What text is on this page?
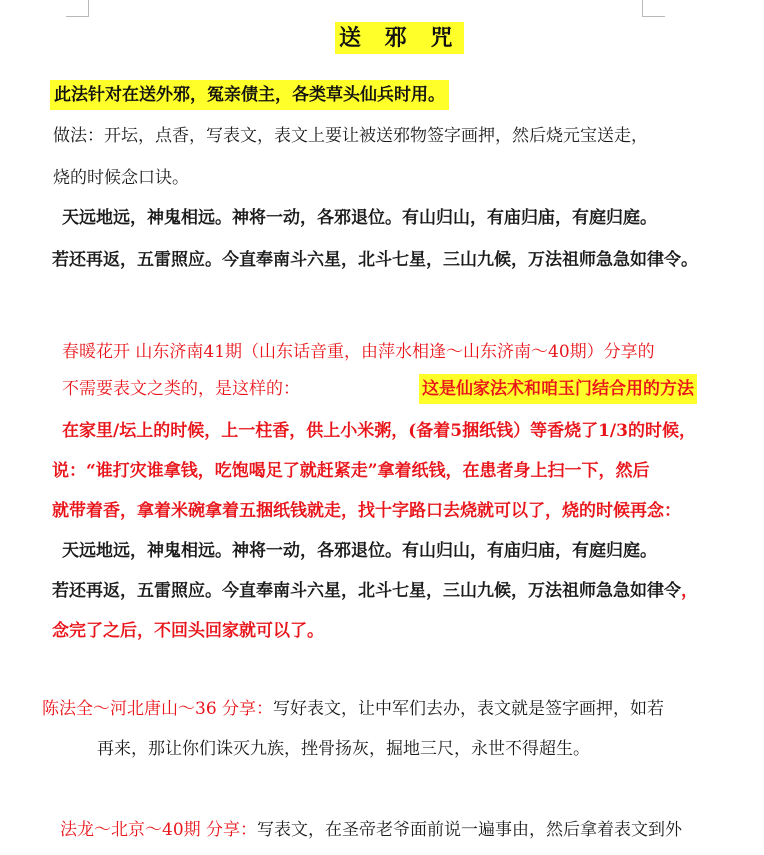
送 邪 咒
此法针对在送外邪，冤亲债主，各类草头仙兵时用。
做法：开坛，点香，写表文，表文上要让被送邪物签字画押，然后烧元宝送走，
烧的时候念口诀。
天远地远，神鬼相远。神将一动，各邪退位。有山归山，有庙归庙，有庭归庭。
若还再返，五雷照应。今直奉南斗六星，北斗七星，三山九候，万法祖师急急如律令。
春暖花开 山东济南41期（山东话音重，由萍水相逢～山东济南～40期）分享的
不需要表文之类的，是这样的：	这是仙家法术和咱玉门结合用的方法
在家里/坛上的时候，上一柱香，供上小米粥，(备着5捆纸钱）等香烧了1/3的时候，
说：“谁打灾谁拿钱，吃饱喝足了就赶紧走”拿着纸钱，在患者身上扫一下，然后
就带着香，拿着米碗拿着五捆纸钱就走，找十字路口去烧就可以了，烧的时候再念：
天远地远，神鬼相远。神将一动，各邪退位。有山归山，有庙归庙，有庭归庭。
若还再返，五雷照应。今直奉南斗六星，北斗七星，三山九候，万法祖师急急如律令，
念完了之后，不回头回家就可以了。
陈法全～河北唐山～36 分享：写好表文，让中军们去办，表文就是签字画押，如若
再来，那让你们诛灭九族，挫骨扬灰，掘地三尺，永世不得超生。
法龙～北京～40期 分享：写表文，在圣帝老爷面前说一遍事由，然后拿着表文到外
